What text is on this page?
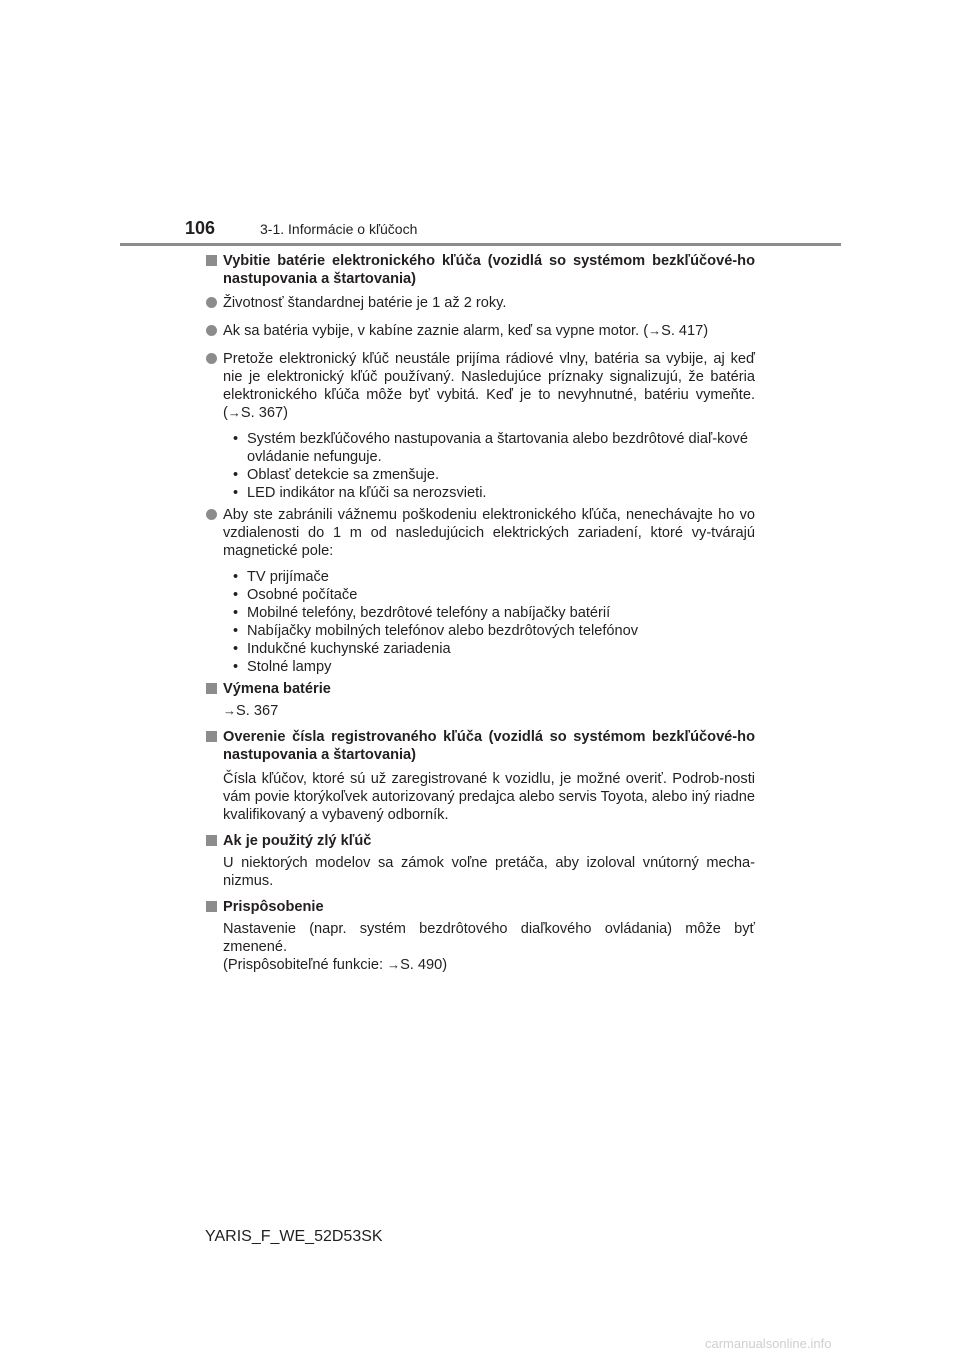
106	3-1. Informácie o kľúčoch
Vybitie batérie elektronického kľúča (vozidlá so systémom bezkľúčové-ho nastupovania a štartovania)
Životnosť štandardnej batérie je 1 až 2 roky.
Ak sa batéria vybije, v kabíne zaznie alarm, keď sa vypne motor. (→S. 417)
Pretože elektronický kľúč neustále prijíma rádiové vlny, batéria sa vybije, aj keď nie je elektronický kľúč používaný. Nasledujúce príznaky signalizujú, že batéria elektronického kľúča môže byť vybitá. Keď je to nevyhnutné, batériu vymeňte. (→S. 367)
• Systém bezkľúčového nastupovania a štartovania alebo bezdrôtové diaľ-kové ovládanie nefunguje.
• Oblasť detekcie sa zmenšuje.
• LED indikátor na kľúči sa nerozsvieti.
Aby ste zabránili vážnemu poškodeniu elektronického kľúča, nenechávajte ho vo vzdialenosti do 1 m od nasledujúcich elektrických zariadení, ktoré vy-tvárajú magnetické pole:
• TV prijímače
• Osobné počítače
• Mobilné telefóny, bezdrôtové telefóny a nabíjačky batérií
• Nabíjačky mobilných telefónov alebo bezdrôtových telefónov
• Indukčné kuchynské zariadenia
• Stolné lampy
Výmena batérie
→S. 367
Overenie čísla registrovaného kľúča (vozidlá so systémom bezkľúčové-ho nastupovania a štartovania)
Čísla kľúčov, ktoré sú už zaregistrované k vozidlu, je možné overiť. Podrob-nosti vám povie ktorýkoľvek autorizovaný predajca alebo servis Toyota, alebo iný riadne kvalifikovaný a vybavený odborník.
Ak je použitý zlý kľúč
U niektorých modelov sa zámok voľne pretáča, aby izoloval vnútorný mecha-nizmus.
Prispôsobenie
Nastavenie (napr. systém bezdrôtového diaľkového ovládania) môže byť zmenené.
(Prispôsobiteľné funkcie: →S. 490)
YARIS_F_WE_52D53SK
carmanualsonline.info
